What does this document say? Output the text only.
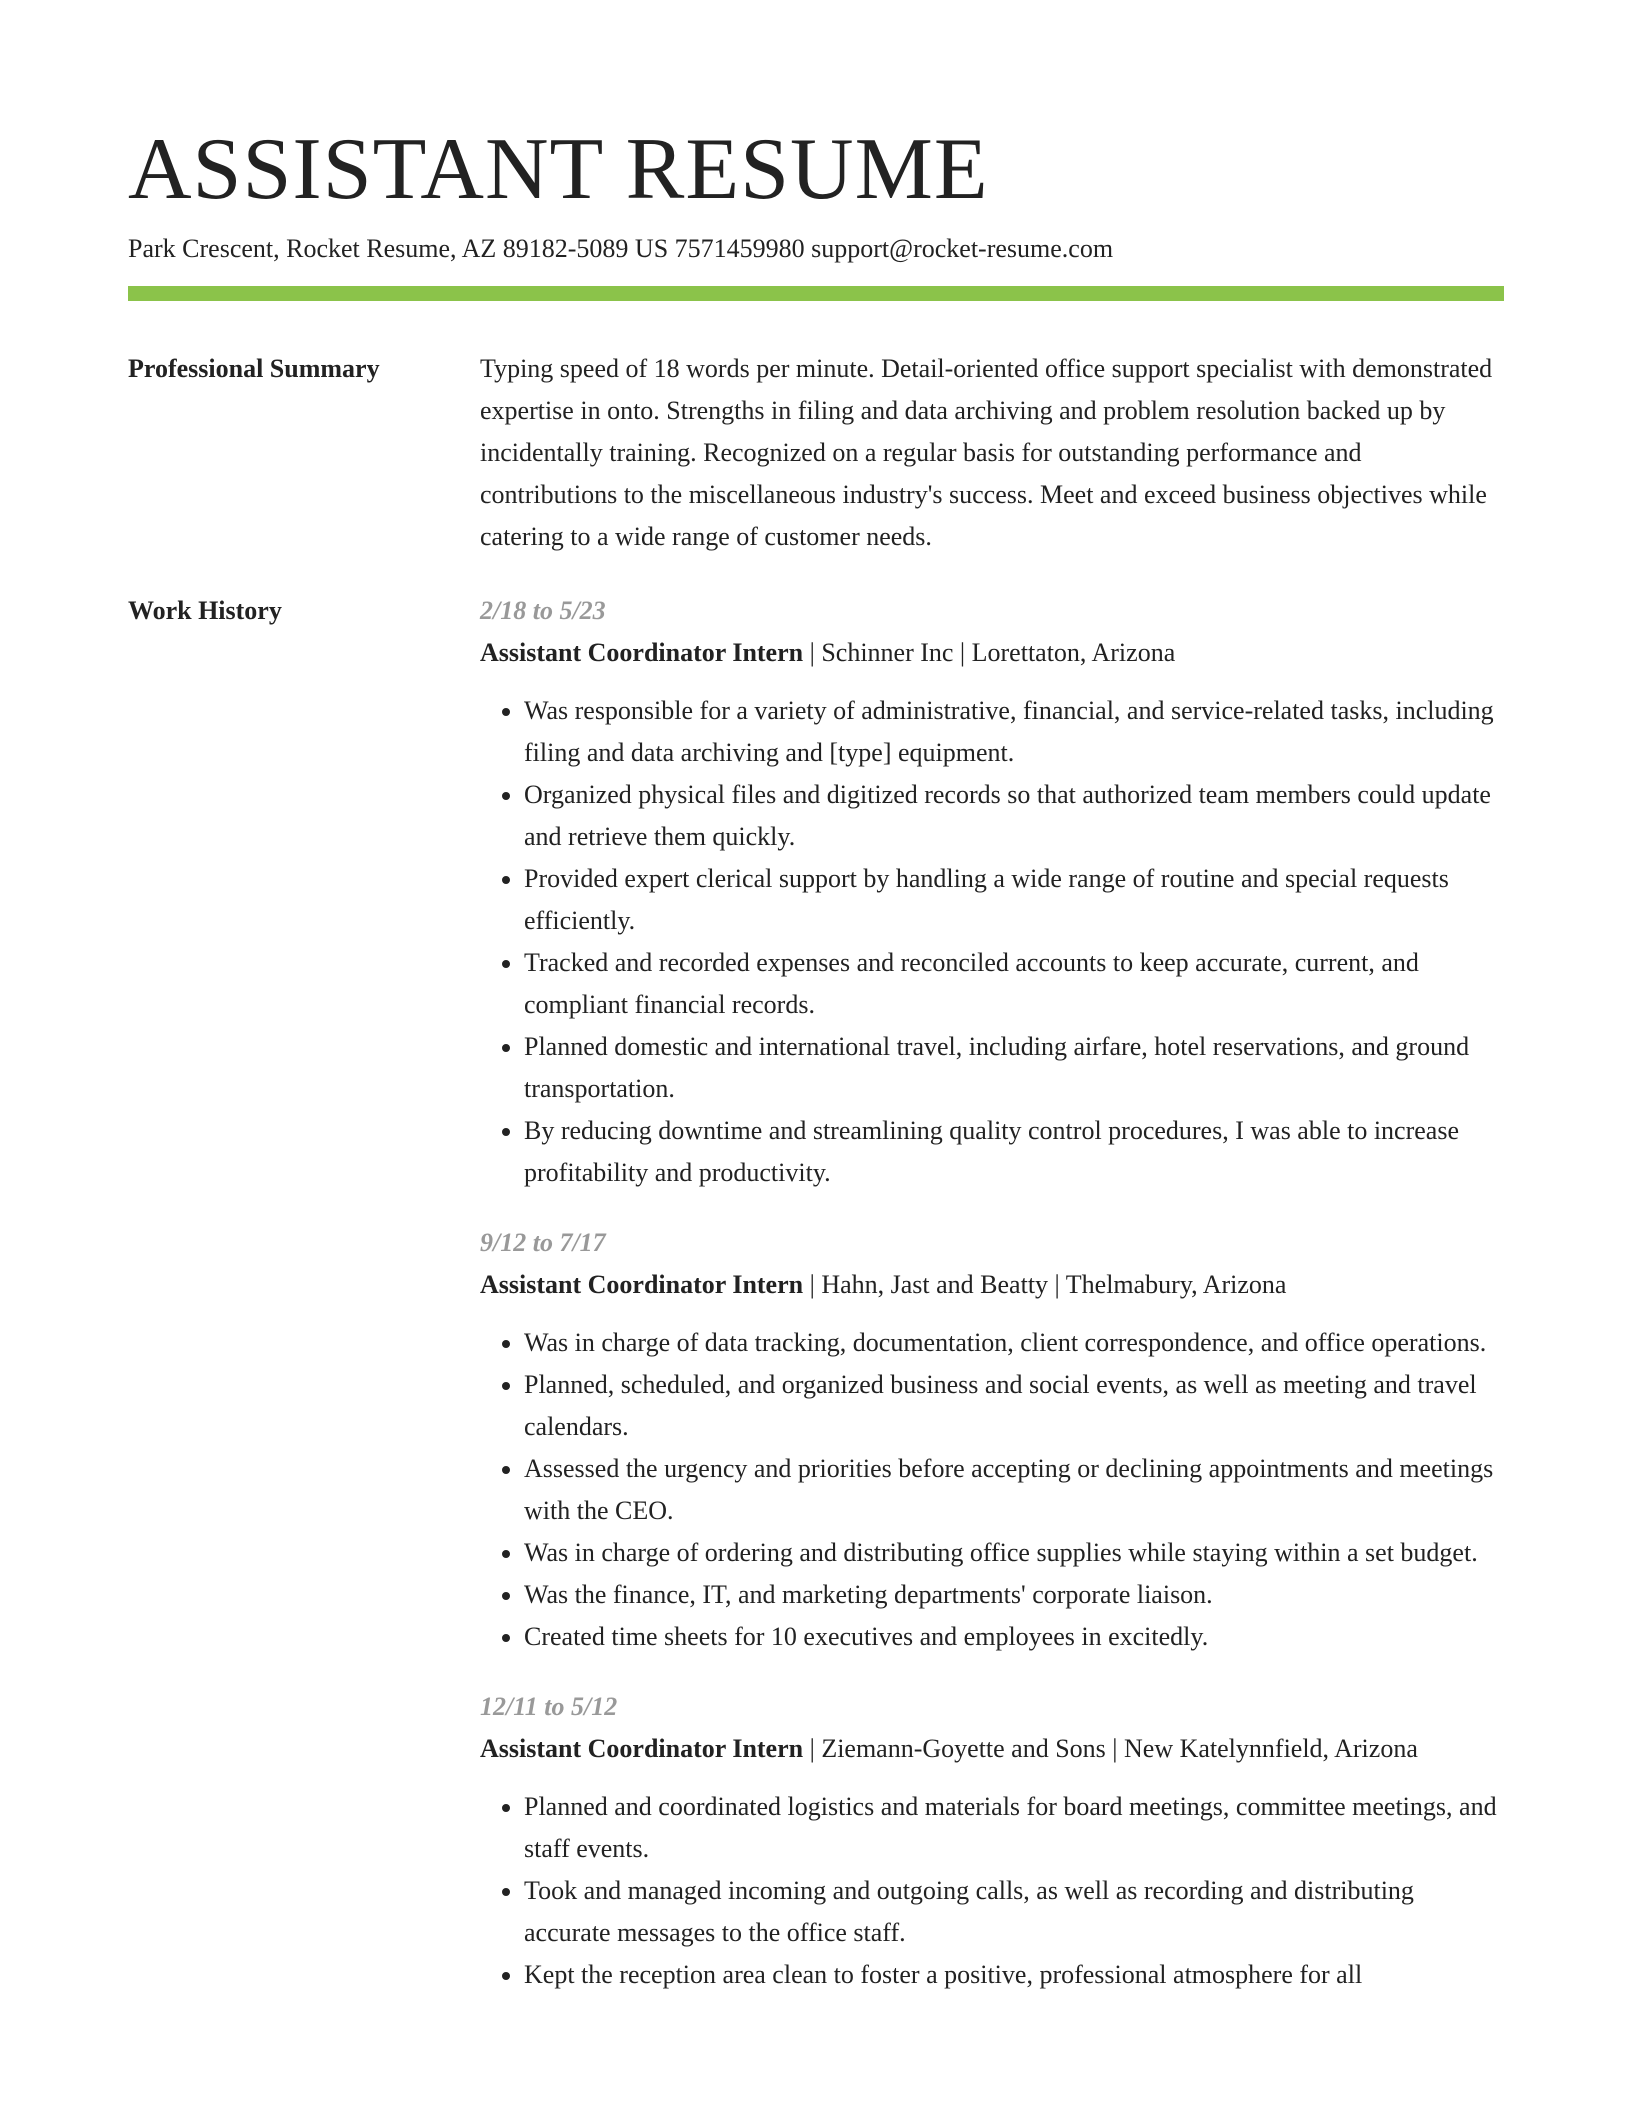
ASSISTANT RESUME
Park Crescent, Rocket Resume, AZ 89182-5089 US 7571459980 support@rocket-resume.com
Professional Summary	Typing speed of 18 words per minute. Detail-oriented office support specialist with demonstrated expertise in onto. Strengths in filing and data archiving and problem resolution backed up by incidentally training. Recognized on a regular basis for outstanding performance and contributions to the miscellaneous industry's success. Meet and exceed business objectives while catering to a wide range of customer needs.

Work History	2/18 to 5/23
Assistant Coordinator Intern | Schinner Inc | Lorettaton, Arizona
• Was responsible for a variety of administrative, financial, and service-related tasks, including filing and data archiving and [type] equipment.
• Organized physical files and digitized records so that authorized team members could update and retrieve them quickly.
• Provided expert clerical support by handling a wide range of routine and special requests efficiently.
• Tracked and recorded expenses and reconciled accounts to keep accurate, current, and compliant financial records.
• Planned domestic and international travel, including airfare, hotel reservations, and ground transportation.
• By reducing downtime and streamlining quality control procedures, I was able to increase profitability and productivity.
9/12 to 7/17
Assistant Coordinator Intern | Hahn, Jast and Beatty | Thelmabury, Arizona
• Was in charge of data tracking, documentation, client correspondence, and office operations.
• Planned, scheduled, and organized business and social events, as well as meeting and travel calendars.
• Assessed the urgency and priorities before accepting or declining appointments and meetings with the CEO.
• Was in charge of ordering and distributing office supplies while staying within a set budget.
• Was the finance, IT, and marketing departments' corporate liaison.
• Created time sheets for 10 executives and employees in excitedly.
12/11 to 5/12
Assistant Coordinator Intern | Ziemann-Goyette and Sons | New Katelynnfield, Arizona
• Planned and coordinated logistics and materials for board meetings, committee meetings, and staff events.
• Took and managed incoming and outgoing calls, as well as recording and distributing accurate messages to the office staff.
• Kept the reception area clean to foster a positive, professional atmosphere for all
